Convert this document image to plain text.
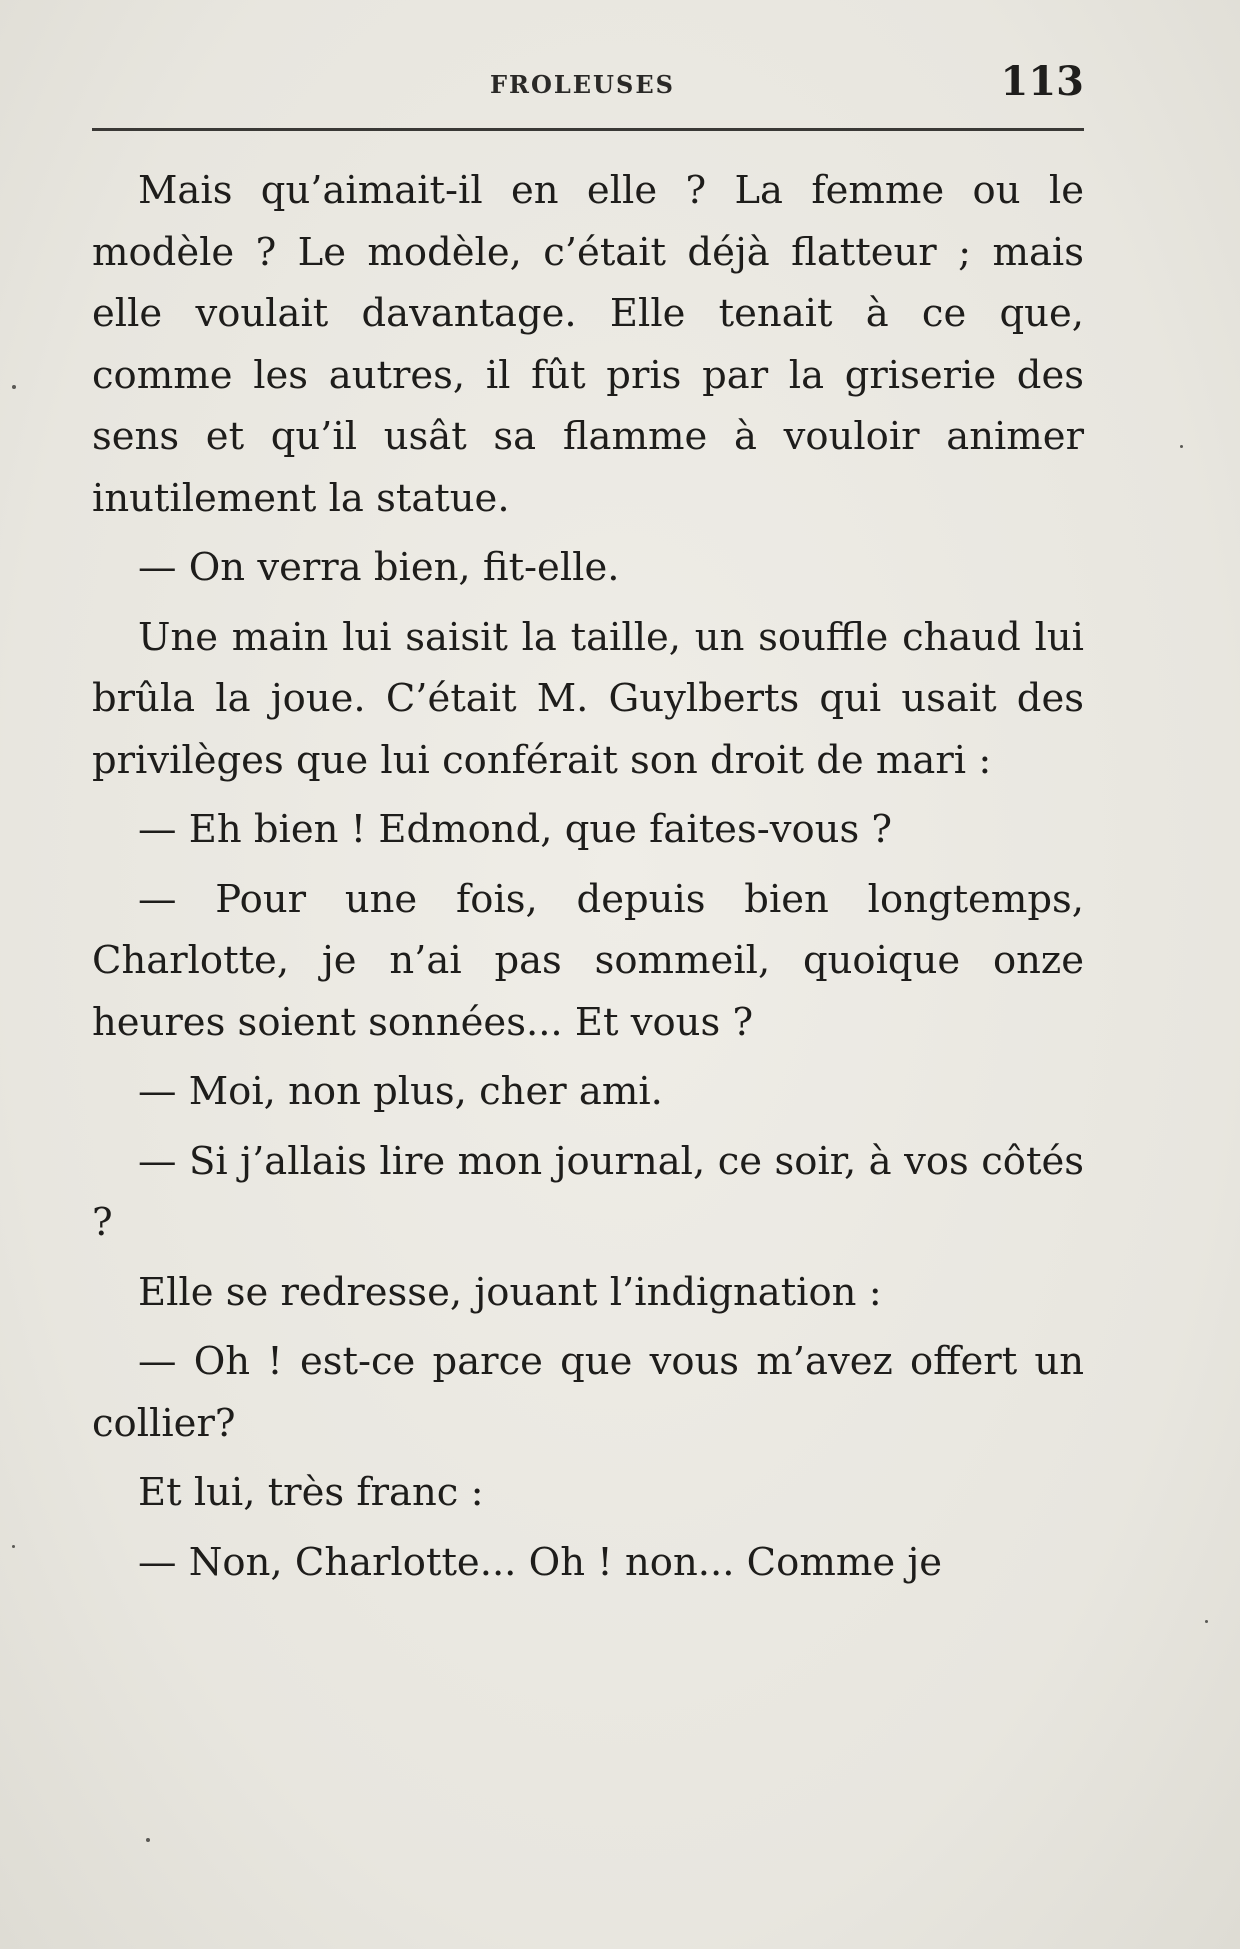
FROLEUSES	113

Mais qu’aimait-il en elle ? La femme ou le modèle ? Le modèle, c’était déjà flatteur ; mais elle voulait davantage. Elle tenait à ce que, comme les autres, il fût pris par la griserie des sens et qu’il usât sa flamme à vouloir animer inutilement la statue.

— On verra bien, fit-elle.

Une main lui saisit la taille, un souffle chaud lui brûla la joue. C’était M. Guylberts qui usait des privilèges que lui conférait son droit de mari :

— Eh bien ! Edmond, que faites-vous ?

— Pour une fois, depuis bien longtemps, Charlotte, je n’ai pas sommeil, quoique onze heures soient sonnées... Et vous ?

— Moi, non plus, cher ami.

— Si j’allais lire mon journal, ce soir, à vos côtés ?

Elle se redresse, jouant l’indignation :

— Oh ! est-ce parce que vous m’avez offert un collier?

Et lui, très franc :

— Non, Charlotte... Oh ! non... Comme je
